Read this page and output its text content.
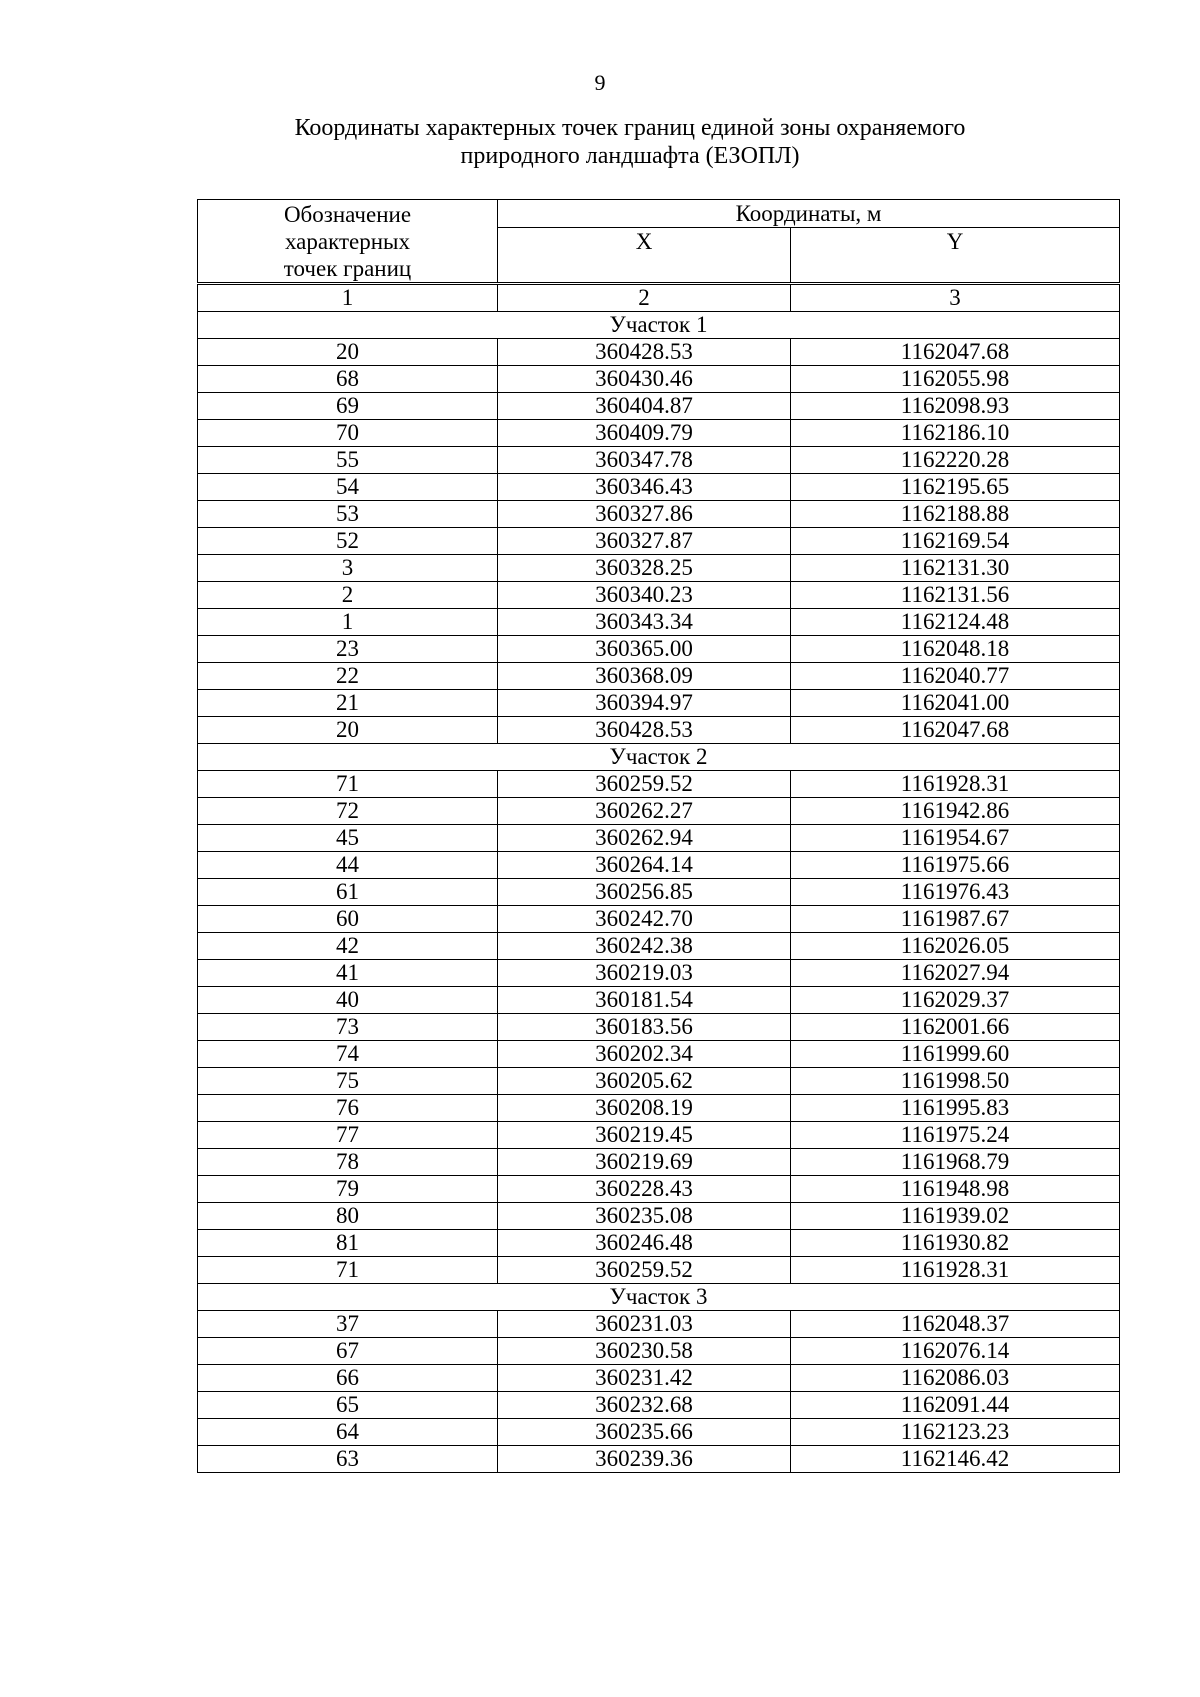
9
Координаты характерных точек границ единой зоны охраняемого
природного ландшафта (ЕЗОПЛ)
Обозначение
характерных
точек границ	Координаты, м	
	X	Y
1	2	3
Участок 1		
20	360428.53	1162047.68
68	360430.46	1162055.98
69	360404.87	1162098.93
70	360409.79	1162186.10
55	360347.78	1162220.28
54	360346.43	1162195.65
53	360327.86	1162188.88
52	360327.87	1162169.54
3	360328.25	1162131.30
2	360340.23	1162131.56
1	360343.34	1162124.48
23	360365.00	1162048.18
22	360368.09	1162040.77
21	360394.97	1162041.00
20	360428.53	1162047.68
Участок 2		
71	360259.52	1161928.31
72	360262.27	1161942.86
45	360262.94	1161954.67
44	360264.14	1161975.66
61	360256.85	1161976.43
60	360242.70	1161987.67
42	360242.38	1162026.05
41	360219.03	1162027.94
40	360181.54	1162029.37
73	360183.56	1162001.66
74	360202.34	1161999.60
75	360205.62	1161998.50
76	360208.19	1161995.83
77	360219.45	1161975.24
78	360219.69	1161968.79
79	360228.43	1161948.98
80	360235.08	1161939.02
81	360246.48	1161930.82
71	360259.52	1161928.31
Участок 3		
37	360231.03	1162048.37
67	360230.58	1162076.14
66	360231.42	1162086.03
65	360232.68	1162091.44
64	360235.66	1162123.23
63	360239.36	1162146.42
